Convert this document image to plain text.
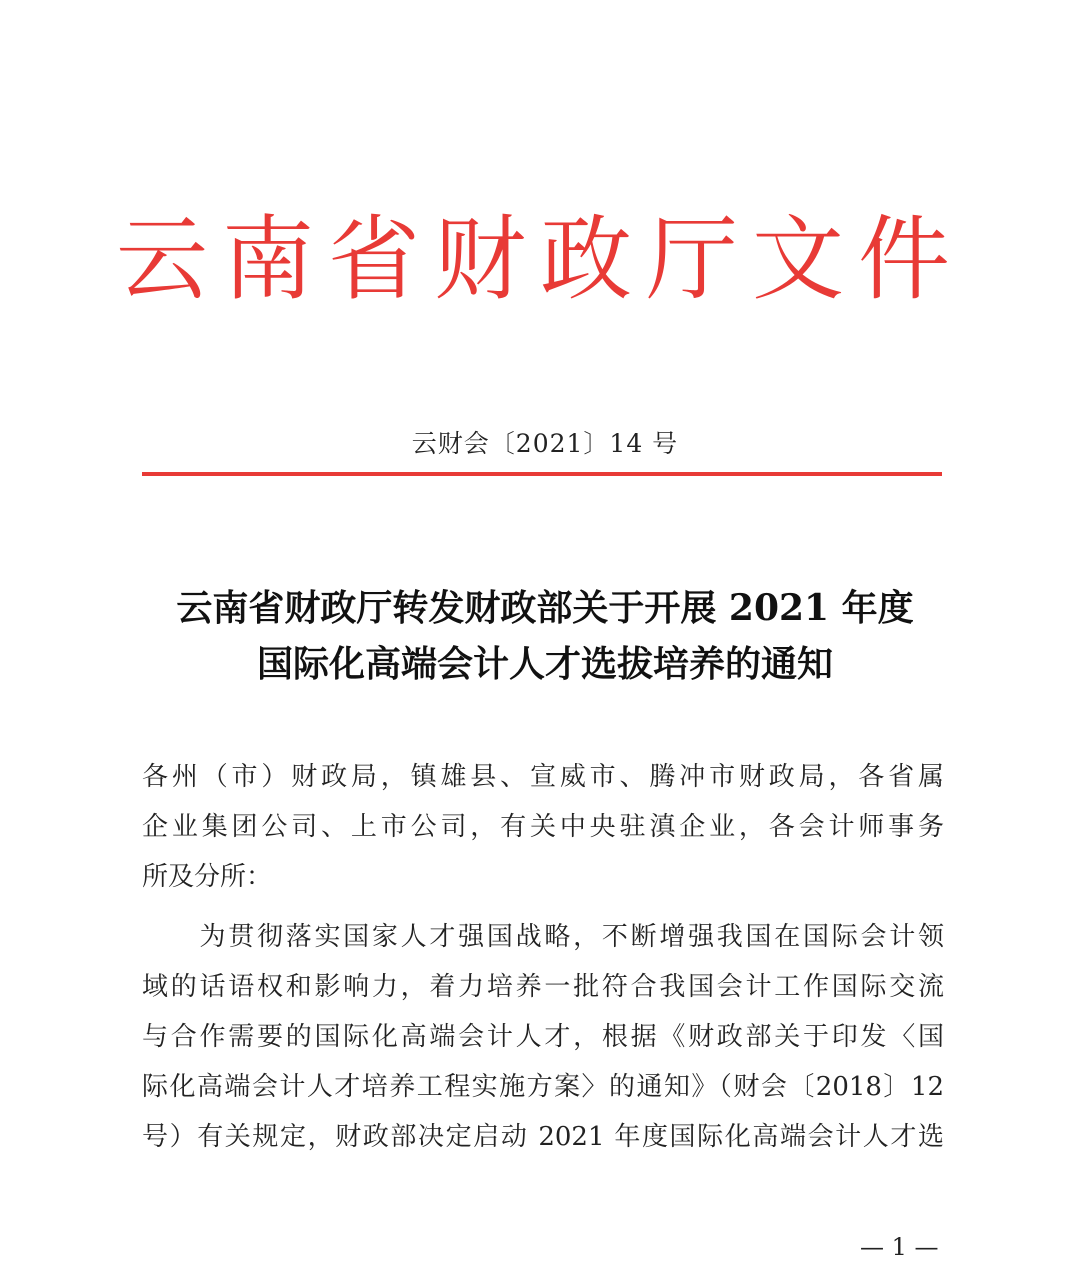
云南省财政厅文件
云财会〔2021〕14 号
云南省财政厅转发财政部关于开展 2021 年度
国际化高端会计人才选拔培养的通知
各州（市）财政局，镇雄县、宣威市、腾冲市财政局，各省属
企业集团公司、上市公司，有关中央驻滇企业，各会计师事务
所及分所：
　　为贯彻落实国家人才强国战略，不断增强我国在国际会计领
域的话语权和影响力，着力培养一批符合我国会计工作国际交流
与合作需要的国际化高端会计人才，根据《财政部关于印发〈国
际化高端会计人才培养工程实施方案〉的通知》（财会〔2018〕12
号）有关规定，财政部决定启动 2021 年度国际化高端会计人才选
— 1 —
